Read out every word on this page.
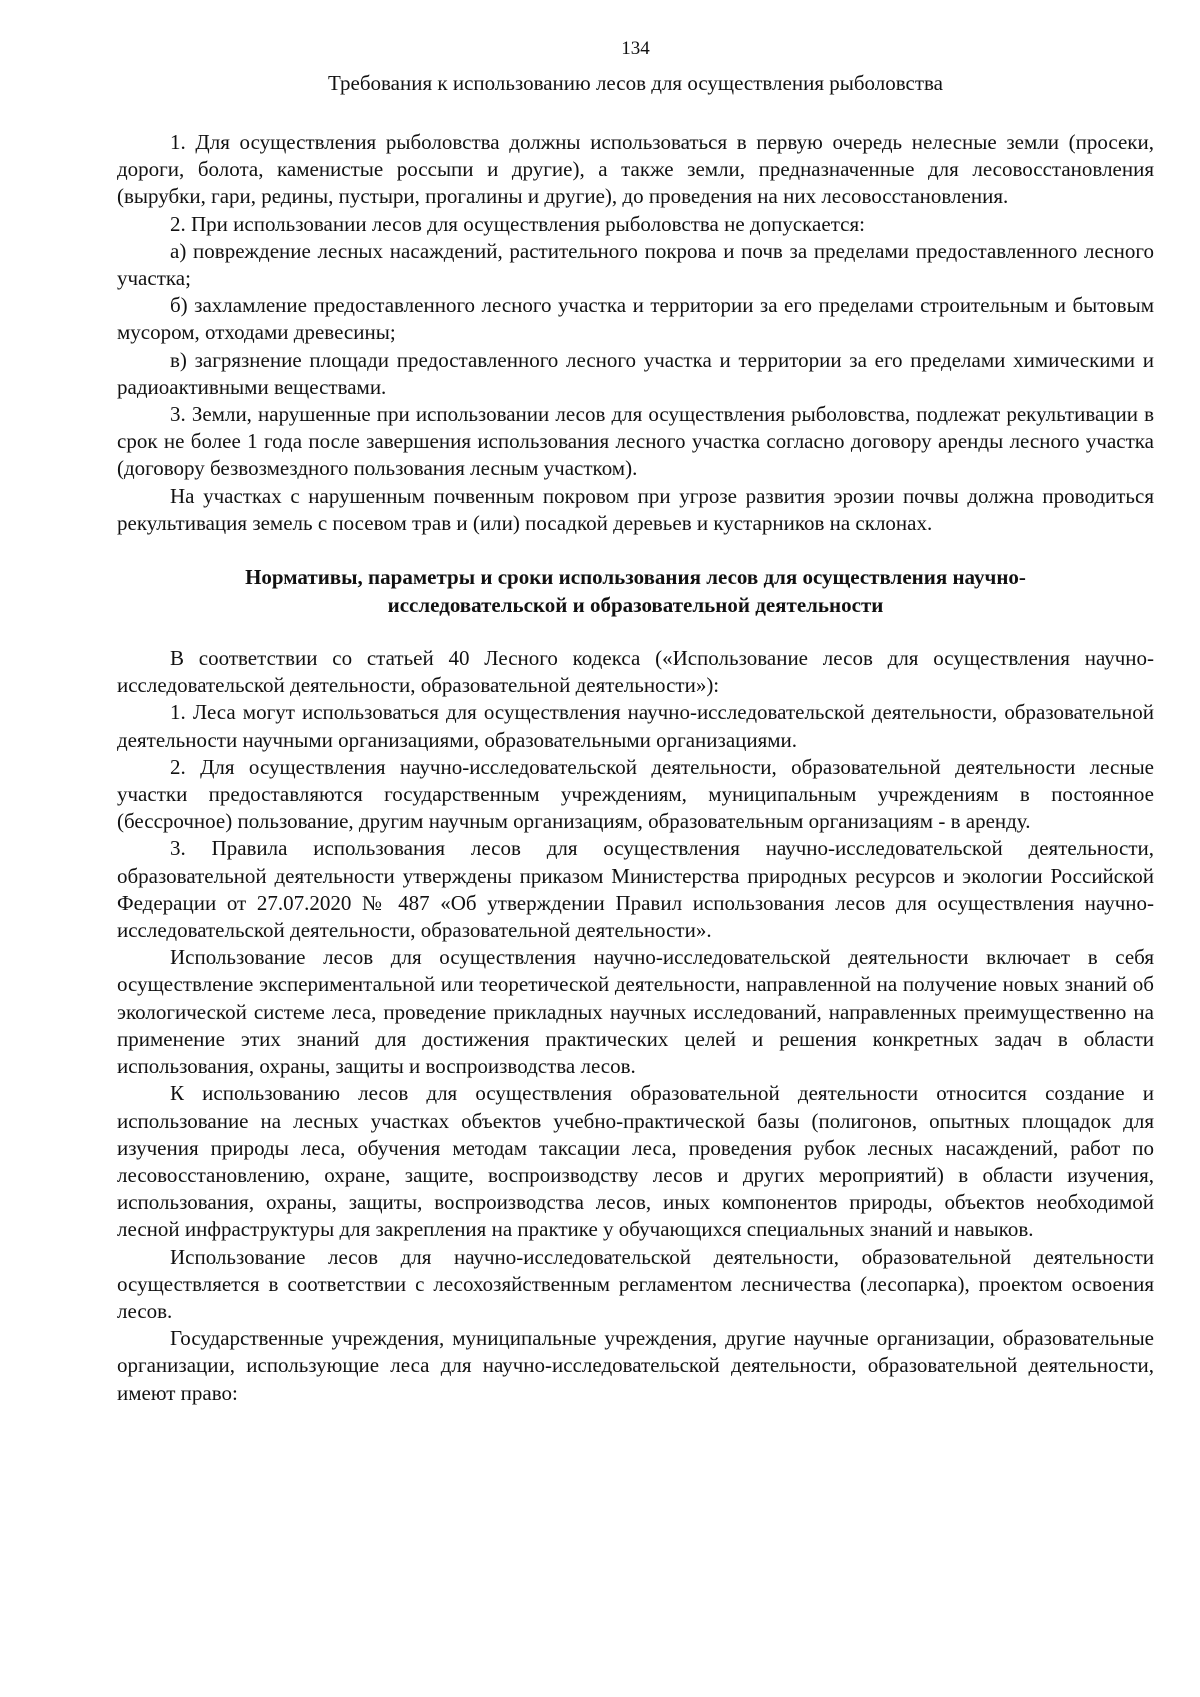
134
Требования к использованию лесов для осуществления рыболовства

1. Для осуществления рыболовства должны использоваться в первую очередь нелесные земли (просеки, дороги, болота, каменистые россыпи и другие), а также земли, предназначенные для лесовосстановления (вырубки, гари, редины, пустыри, прогалины и другие), до проведения на них лесовосстановления.

2. При использовании лесов для осуществления рыболовства не допускается:

а) повреждение лесных насаждений, растительного покрова и почв за пределами предоставленного лесного участка;

б) захламление предоставленного лесного участка и территории за его пределами строительным и бытовым мусором, отходами древесины;

в) загрязнение площади предоставленного лесного участка и территории за его пределами химическими и радиоактивными веществами.

3. Земли, нарушенные при использовании лесов для осуществления рыболовства, подлежат рекультивации в срок не более 1 года после завершения использования лесного участка согласно договору аренды лесного участка (договору безвозмездного пользования лесным участком).

На участках с нарушенным почвенным покровом при угрозе развития эрозии почвы должна проводиться рекультивация земель с посевом трав и (или) посадкой деревьев и кустарников на склонах.

Нормативы, параметры и сроки использования лесов для осуществления научно-исследовательской и образовательной деятельности

В соответствии со статьей 40 Лесного кодекса («Использование лесов для осуществления научно-исследовательской деятельности, образовательной деятельности»):

1. Леса могут использоваться для осуществления научно-исследовательской деятельности, образовательной деятельности научными организациями, образовательными организациями.

2. Для осуществления научно-исследовательской деятельности, образовательной деятельности лесные участки предоставляются государственным учреждениям, муниципальным учреждениям в постоянное (бессрочное) пользование, другим научным организациям, образовательным организациям - в аренду.

3. Правила использования лесов для осуществления научно-исследовательской деятельности, образовательной деятельности утверждены приказом Министерства природных ресурсов и экологии Российской Федерации от 27.07.2020 № 487 «Об утверждении Правил использования лесов для осуществления научно-исследовательской деятельности, образовательной деятельности».

Использование лесов для осуществления научно-исследовательской деятельности включает в себя осуществление экспериментальной или теоретической деятельности, направленной на получение новых знаний об экологической системе леса, проведение прикладных научных исследований, направленных преимущественно на применение этих знаний для достижения практических целей и решения конкретных задач в области использования, охраны, защиты и воспроизводства лесов.

К использованию лесов для осуществления образовательной деятельности относится создание и использование на лесных участках объектов учебно-практической базы (полигонов, опытных площадок для изучения природы леса, обучения методам таксации леса, проведения рубок лесных насаждений, работ по лесовосстановлению, охране, защите, воспроизводству лесов и других мероприятий) в области изучения, использования, охраны, защиты, воспроизводства лесов, иных компонентов природы, объектов необходимой лесной инфраструктуры для закрепления на практике у обучающихся специальных знаний и навыков.

Использование лесов для научно-исследовательской деятельности, образовательной деятельности осуществляется в соответствии с лесохозяйственным регламентом лесничества (лесопарка), проектом освоения лесов.

Государственные учреждения, муниципальные учреждения, другие научные организации, образовательные организации, использующие леса для научно-исследовательской деятельности, образовательной деятельности, имеют право:
